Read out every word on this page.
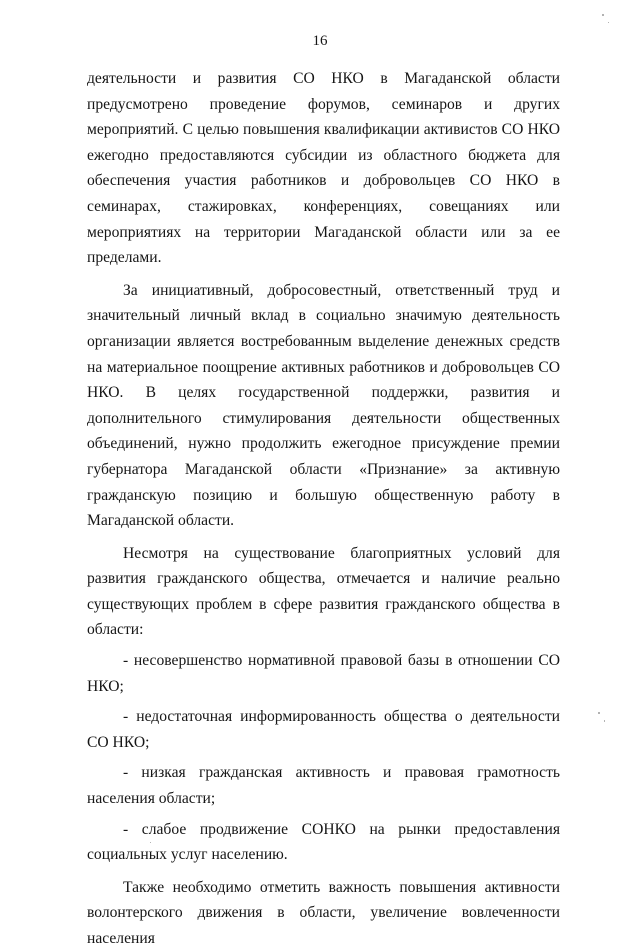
16

деятельности и развития СО НКО в Магаданской области предусмотрено проведение форумов, семинаров и других мероприятий. С целью повышения квалификации активистов СО НКО ежегодно предоставляются субсидии из областного бюджета для обеспечения участия работников и добровольцев СО НКО в семинарах, стажировках, конференциях, совещаниях или мероприятиях на территории Магаданской области или за ее пределами.

За инициативный, добросовестный, ответственный труд и значительный личный вклад в социально значимую деятельность организации является востребованным выделение денежных средств на материальное поощрение активных работников и добровольцев СО НКО. В целях государственной поддержки, развития и дополнительного стимулирования деятельности общественных объединений, нужно продолжить ежегодное присуждение премии губернатора Магаданской области «Признание» за активную гражданскую позицию и большую общественную работу в Магаданской области.

Несмотря на существование благоприятных условий для развития гражданского общества, отмечается и наличие реально существующих проблем в сфере развития гражданского общества в области:

- несовершенство нормативной правовой базы в отношении СО НКО;

- недостаточная информированность общества о деятельности СО НКО;

- низкая гражданская активность и правовая грамотность населения области;

- слабое продвижение СОНКО на рынки предоставления социальных услуг населению.

Также необходимо отметить важность повышения активности волонтерского движения в области, увеличение вовлеченности населения
